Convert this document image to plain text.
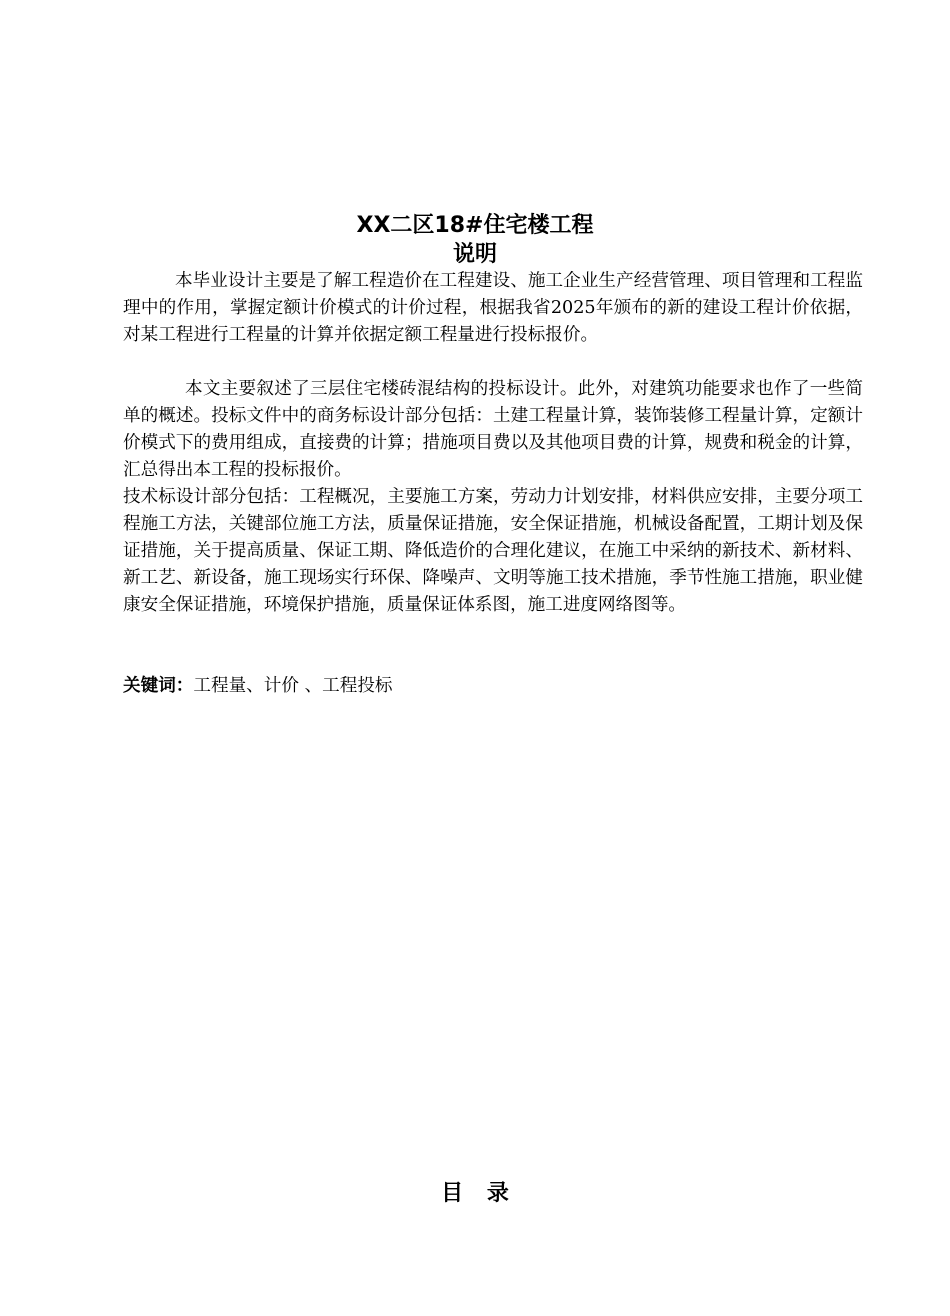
XX二区18#住宅楼工程
说明
本毕业设计主要是了解工程造价在工程建设、施工企业生产经营管理、项目管理和工程监理中的作用，掌握定额计价模式的计价过程，根据我省2025年颁布的新的建设工程计价依据，对某工程进行工程量的计算并依据定额工程量进行投标报价。
本文主要叙述了三层住宅楼砖混结构的投标设计。此外，对建筑功能要求也作了一些简单的概述。投标文件中的商务标设计部分包括：土建工程量计算，装饰装修工程量计算，定额计价模式下的费用组成，直接费的计算；措施项目费以及其他项目费的计算，规费和税金的计算，汇总得出本工程的投标报价。
技术标设计部分包括：工程概况，主要施工方案，劳动力计划安排，材料供应安排，主要分项工程施工方法，关键部位施工方法，质量保证措施，安全保证措施，机械设备配置，工期计划及保证措施，关于提高质量、保证工期、降低造价的合理化建议，在施工中采纳的新技术、新材料、新工艺、新设备，施工现场实行环保、降噪声、文明等施工技术措施，季节性施工措施，职业健康安全保证措施，环境保护措施，质量保证体系图，施工进度网络图等。
关键词：工程量、计价 、工程投标
目 录
